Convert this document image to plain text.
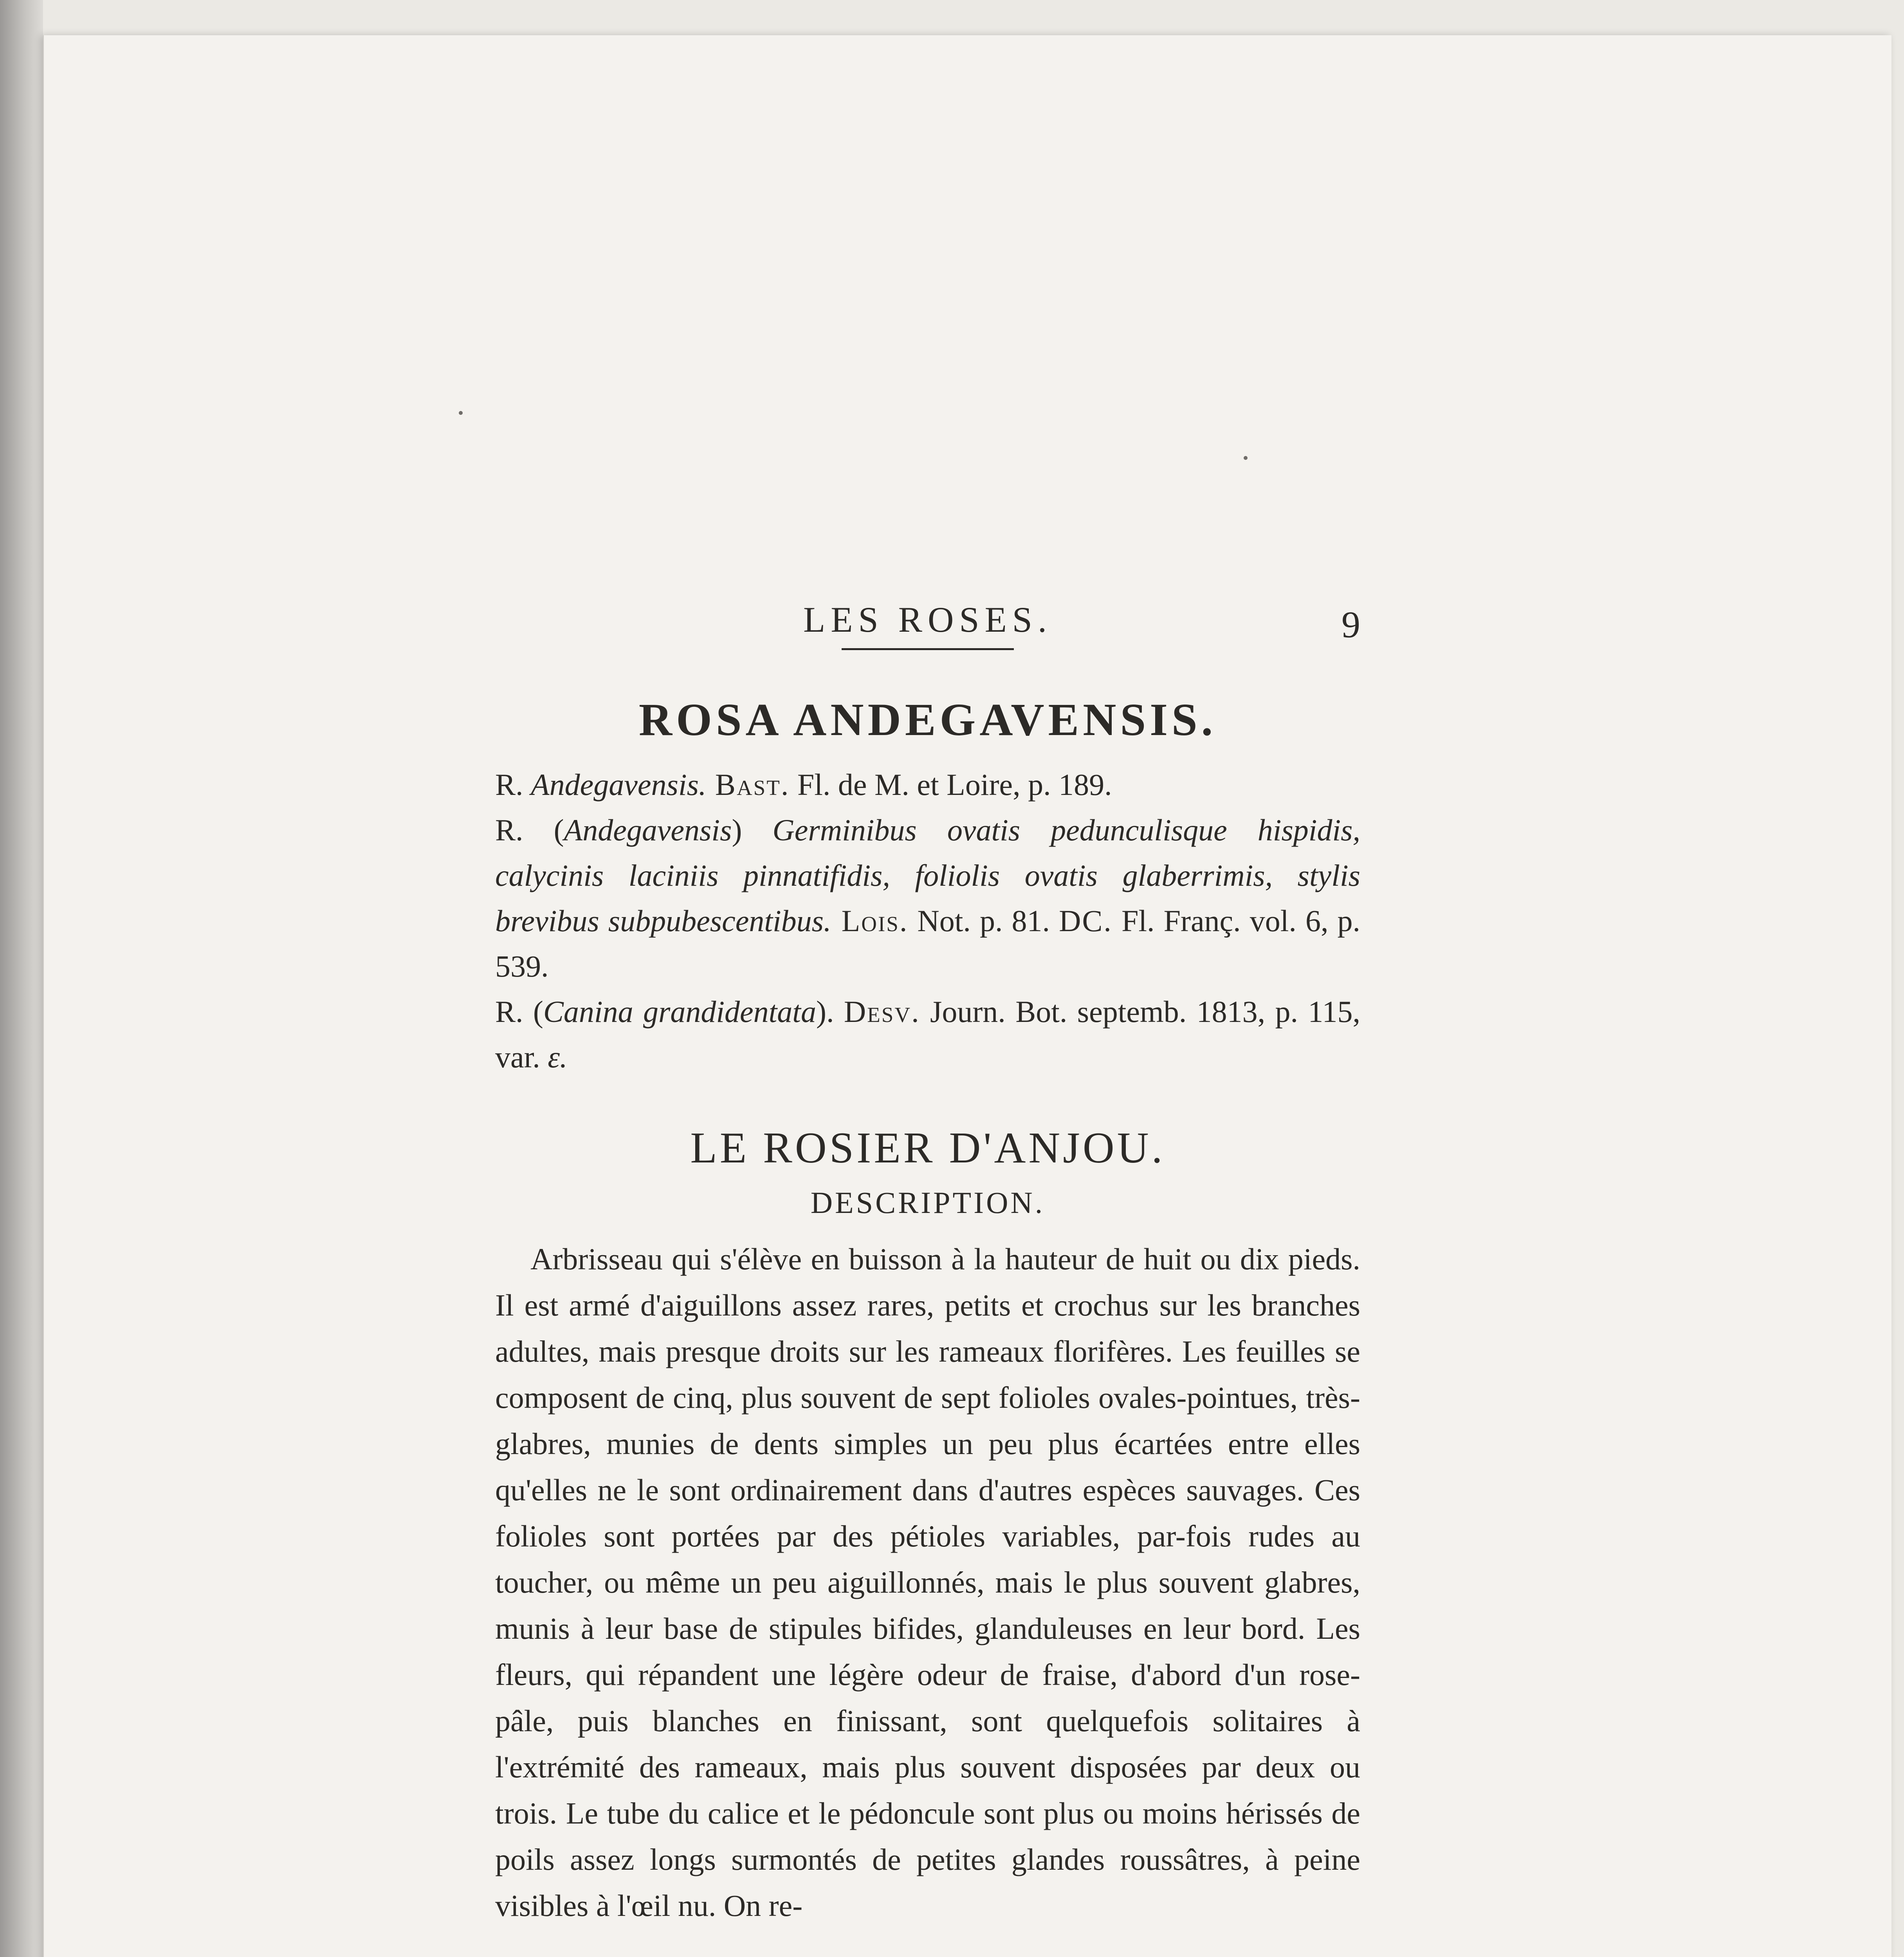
LES ROSES.	9
ROSA ANDEGAVENSIS.

R. Andegavensis. Bast. Fl. de M. et Loire, p. 189.

R. (Andegavensis) Germinibus ovatis pedunculisque hispidis, calycinis laciniis pinnatifidis, foliolis ovatis glaberrimis, stylis brevibus subpubescentibus. Lois. Not. p. 81. DC. Fl. Franç. vol. 6, p. 539.

R. (Canina grandidentata). Desv. Journ. Bot. septemb. 1813, p. 115, var. ε.

LE ROSIER D'ANJOU.
DESCRIPTION.

Arbrisseau qui s'élève en buisson à la hauteur de huit ou dix pieds. Il est armé d'aiguillons assez rares, petits et crochus sur les branches adultes, mais presque droits sur les rameaux florifères. Les feuilles se composent de cinq, plus souvent de sept folioles ovales-pointues, très-glabres, munies de dents simples un peu plus écartées entre elles qu'elles ne le sont ordinairement dans d'autres espèces sauvages. Ces folioles sont portées par des pétioles variables, par-fois rudes au toucher, ou même un peu aiguillonnés, mais le plus souvent glabres, munis à leur base de stipules bifides, glanduleuses en leur bord. Les fleurs, qui répandent une légère odeur de fraise, d'abord d'un rose-pâle, puis blanches en finissant, sont quelquefois solitaires à l'extrémité des rameaux, mais plus souvent disposées par deux ou trois. Le tube du calice et le pédoncule sont plus ou moins hérissés de poils assez longs surmontés de petites glandes roussâtres, à peine visibles à l'œil nu. On re-
